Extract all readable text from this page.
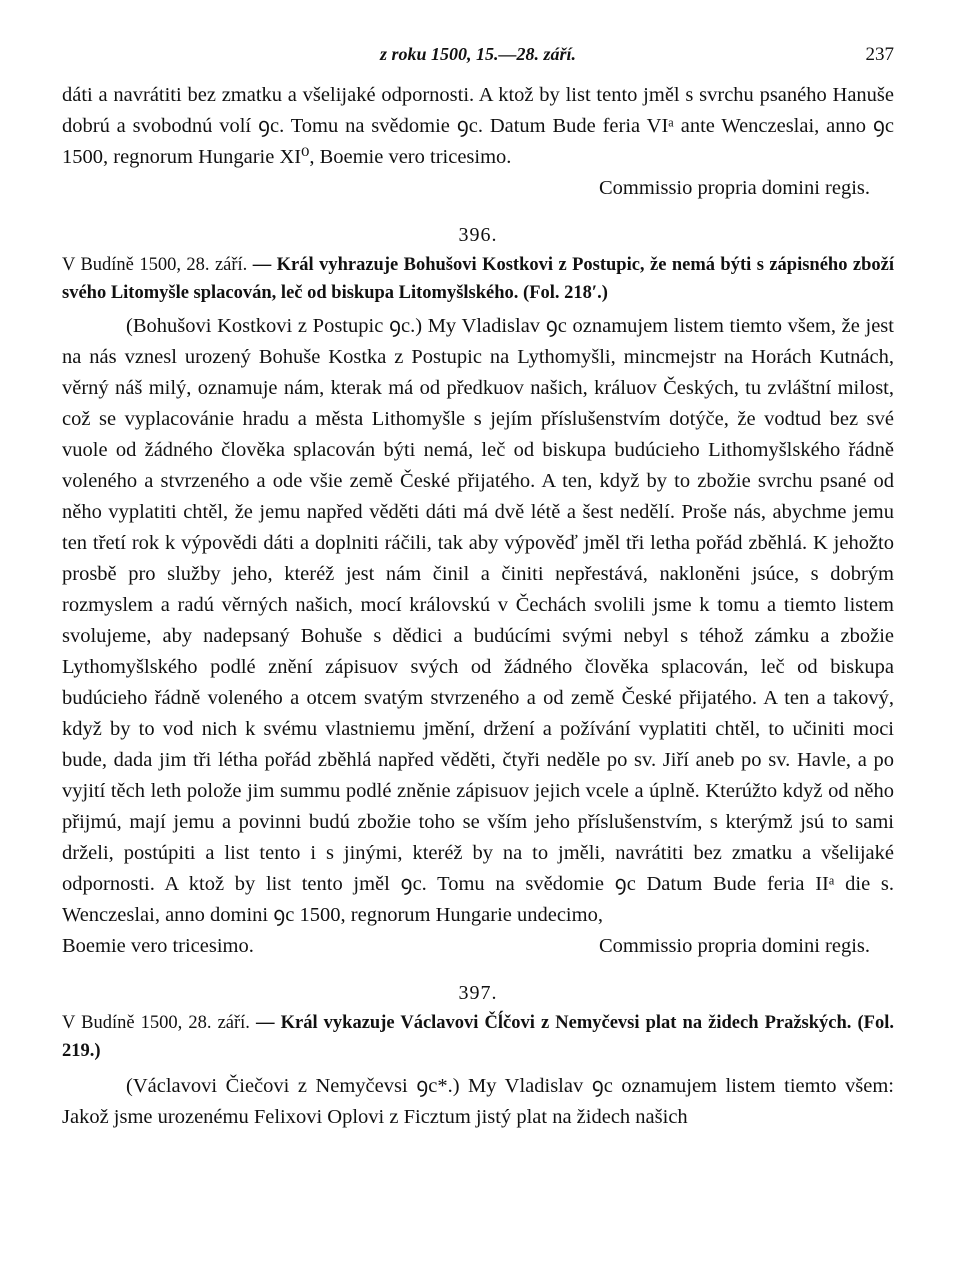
z roku 1500, 15.—28. září.	237

dáti a navrátiti bez zmatku a všelijaké odpornosti. A ktož by list tento jměl s svrchu psaného Hanuše dobrú a svobodnú volí ꝯc. Tomu na svědomie ꝯc. Datum Bude feria VIᵃ ante Wenczeslai, anno ꝯc 1500, regnorum Hungarie XI⁰, Boemie vero tricesimo.

Commissio propria domini regis.

396.
V Budíně 1500, 28. září. — Král vyhrazuje Bohušovi Kostkovi z Postupic, že nemá býti s zápisného zboží svého Litomyšle splacován, leč od biskupa Litomyšlského. (Fol. 218′.)

(Bohušovi Kostkovi z Postupic ꝯc.) My Vladislav ꝯc oznamujem listem tiemto všem, že jest na nás vznesl urozený Bohuše Kostka z Postupic na Lythomyšli, mincmejstr na Horách Kutnách, věrný náš milý, oznamuje nám, kterak má od předkuov našich, králuov Českých, tu zvláštní milost, což se vyplacovánie hradu a města Lithomyšle s jejím příslušenstvím dotýče, že vodtud bez své vuole od žádného člověka splacován býti nemá, leč od biskupa budúcieho Lithomyšlského řádně voleného a stvrzeného a ode všie země České přijatého. A ten, když by to zbožie svrchu psané od něho vyplatiti chtěl, že jemu napřed věděti dáti má dvě létě a šest nedělí. Proše nás, abychme jemu ten třetí rok k výpovědi dáti a doplniti ráčili, tak aby výpověď jměl tři letha pořád zběhlá. K jehožto prosbě pro služby jeho, kteréž jest nám činil a činiti nepřestává, nakloněni jsúce, s dobrým rozmyslem a radú věrných našich, mocí královskú v Čechách svolili jsme k tomu a tiemto listem svolujeme, aby nadepsaný Bohuše s dědici a budúcími svými nebyl s téhož zámku a zbožie Lythomyšlského podlé znění zápisuov svých od žádného člověka splacován, leč od biskupa budúcieho řádně voleného a otcem svatým stvrzeného a od země České přijatého. A ten a takový, když by to vod nich k svému vlastniemu jmění, držení a požívání vyplatiti chtěl, to učiniti moci bude, dada jim tři létha pořád zběhlá napřed věděti, čtyři neděle po sv. Jiří aneb po sv. Havle, a po vyjití těch leth polože jim summu podlé zněnie zápisuov jejich vcele a úplně. Kterúžto když od něho přijmú, mají jemu a povinni budú zbožie toho se vším jeho příslušenstvím, s kterýmž jsú to sami drželi, postúpiti a list tento i s jinými, kteréž by na to jměli, navrátiti bez zmatku a všelijaké odpornosti. A ktož by list tento jměl ꝯc. Tomu na svědomie ꝯc Datum Bude feria IIᵃ die s. Wenczeslai, anno domini ꝯc 1500, regnorum Hungarie undecimo,

Boemie vero tricesimo.	Commissio propria domini regis.
397.
V Budíně 1500, 28. září. — Král vykazuje Václavovi Čĺčovi z Nemyčevsi plat na židech Pražských. (Fol. 219.)

(Václavovi Čiečovi z Nemyčevsi ꝯc*.) My Vladislav ꝯc oznamujem listem tiemto všem: Jakož jsme urozenému Felixovi Oplovi z Ficztum jistý plat na židech našich
